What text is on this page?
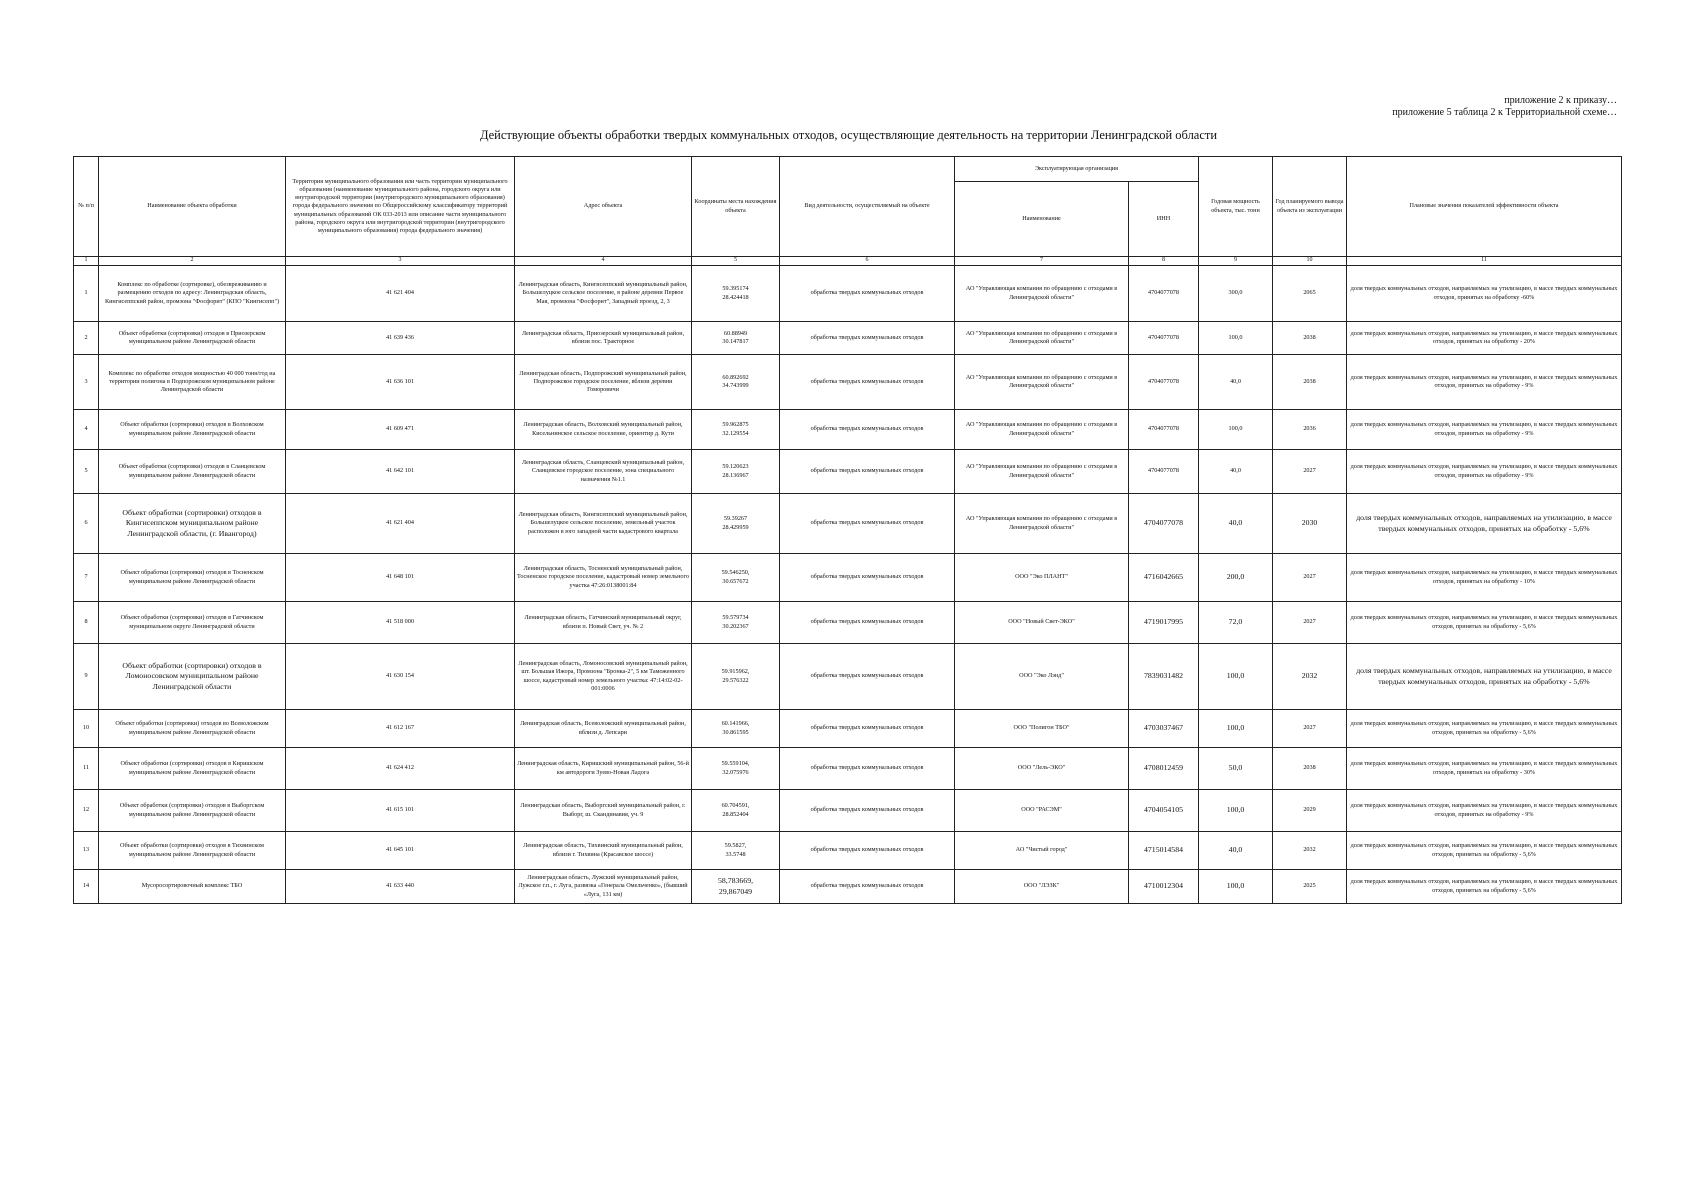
приложение 2 к приказу…
приложение 5 таблица 2 к Территориальной схеме…
Действующие объекты обработки твердых коммунальных отходов, осуществляющие деятельность на территории Ленинградской области
№ п/п	Наименование объекта обработки	Территория муниципального образования или часть территории муниципального образования (наименование муниципального района, городского округа или внутригородской территории (внутригородского муниципального образования) города федерального значения по Общероссийскому классификатору территорий муниципальных образований ОК 033-2013 или описание части муниципального района, городского округа или внутригородской территории (внутригородского муниципального образования) города федерального значения)	Адрес объекта	Координаты места нахождения объекта	Вид деятельности, осуществляемый на объекте	Эксплуатирующая организация		Годовая мощность объекта, тыс. тонн	Год планируемого вывода объекта из эксплуатации	Плановые значения показателей эффективности объекта
						Наименование	ИНН			
1	2	3	4	5	6	7	8	9	10	11
1	Комплекс по обработке (сортировке), обезвреживанию и размещению отходов по адресу: Ленинградская область, Кингисеппский район, промзона "Фосфорит" (КПО "Кингисепп")	41 621 404	Ленинградская область, Кингисеппский муниципальный район, Большелуцкое сельское поселение, в районе деревни Первое Мая, промзона "Фосфорит", Западный проезд, 2, 3	59.395174
28.424418	обработка твердых коммунальных отходов	АО "Управляющая компания по обращению с отходами в Ленинградской области"	4704077078	300,0	2065	доля твердых коммунальных отходов, направляемых на утилизацию, в массе твердых коммунальных отходов, принятых на обработку -60%
2	Объект обработки (сортировки) отходов в Приозерском муниципальном районе Ленинградской области	41 639 436	Ленинградская область, Приозерский муниципальный район, вблизи пос. Тракторное	60.88949
30.147817	обработка твердых коммунальных отходов	АО "Управляющая компания по обращению с отходами в Ленинградской области"	4704077078	100,0	2038	доля твердых коммунальных отходов, направляемых на утилизацию, в массе твердых коммунальных отходов, принятых на обработку - 20%
3	Комплекс по обработке отходов мощностью 40 000 тонн/год на территории полигона в Подпорожском муниципальном районе Ленинградской области	41 636 101	Ленинградская область, Подпорожский муниципальный район, Подпорожское городское поселение, вблизи деревни Гоморовичи	60.892692
34.743999	обработка твердых коммунальных отходов	АО "Управляющая компания по обращению с отходами в Ленинградской области"	4704077078	40,0	2038	доля твердых коммунальных отходов, направляемых на утилизацию, в массе твердых коммунальных отходов, принятых на обработку - 9%
4	Объект обработки (сортировки) отходов в Волховском муниципальном районе Ленинградской области	41 609 471	Ленинградская область, Волховский муниципальный район, Кисельнинское сельское поселение, ориентир д. Кути	59.962875
32.129554	обработка твердых коммунальных отходов	АО "Управляющая компания по обращению с отходами в Ленинградской области"	4704077078	100,0	2036	доля твердых коммунальных отходов, направляемых на утилизацию, в массе твердых коммунальных отходов, принятых на обработку - 9%
5	Объект обработки (сортировки) отходов в Сланцевском муниципальном районе Ленинградской области	41 642 101	Ленинградская область, Сланцевский муниципальный район, Сланцевское городское поселение, зона специального назначения №1.1	59.120623
28.136967	обработка твердых коммунальных отходов	АО "Управляющая компания по обращению с отходами в Ленинградской области"	4704077078	40,0	2027	доля твердых коммунальных отходов, направляемых на утилизацию, в массе твердых коммунальных отходов, принятых на обработку - 9%
6	Объект обработки (сортировки) отходов в Кингисеппском муниципальном районе Ленинградской области, (г. Ивангород)	41 621 404	Ленинградская область, Кингисеппский муниципальный район, Большелуцкое сельское поселение, земельный участок расположен в юго западной части кадастрового квартала	59.39267
28.429959	обработка твердых коммунальных отходов	АО "Управляющая компания по обращению с отходами в Ленинградской области"	4704077078	40,0	2030	доля твердых коммунальных отходов, направляемых на утилизацию, в массе твердых коммунальных отходов, принятых на обработку - 5,6%
7	Объект обработки (сортировки) отходов в Тосненском муниципальном районе Ленинградской области	41 648 101	Ленинградская область, Тосненский муниципальный район, Тосненское городское поселение, кадастровый номер земельного участка 47:26:0138001:84	59.546250,
30.657672	обработка твердых коммунальных отходов	ООО "Эко ПЛАНТ"	4716042665	200,0	2027	доля твердых коммунальных отходов, направляемых на утилизацию, в массе твердых коммунальных отходов, принятых на обработку - 10%
8	Объект обработки (сортировки) отходов в Гатчинском муниципальном округе Ленинградской области	41 518 000	Ленинградская область, Гатчинский муниципальный округ, вблизи п. Новый Свет, уч. № 2	59.579734
30.202367	обработка твердых коммунальных отходов	ООО "Новый Свет-ЭКО"	4719017995	72,0	2027	доля твердых коммунальных отходов, направляемых на утилизацию, в массе твердых коммунальных отходов, принятых на обработку - 5,6%
9	Объект обработки (сортировки) отходов в Ломоносовском муниципальном районе Ленинградской области	41 630 154	Ленинградская область, Ломоносовский муниципальный район, шт. Большая Ижора, Промзона "Бронка-2", 5 км Таможенного шоссе, кадастровый номер земельного участка: 47:14:02-02-001:0006	59.915962,
29.576322	обработка твердых коммунальных отходов	ООО "Эко Лэнд"	7839031482	100,0	2032	доля твердых коммунальных отходов, направляемых на утилизацию, в массе твердых коммунальных отходов, принятых на обработку - 5,6%
10	Объект обработки (сортировки) отходов во Всеволожском муниципальном районе Ленинградской области	41 612 167	Ленинградская область, Всеволожский муниципальный район, вблизи д. Лепсари	60.141966,
30.861595	обработка твердых коммунальных отходов	ООО "Полигон ТБО"	4703037467	100,0	2027	доля твердых коммунальных отходов, направляемых на утилизацию, в массе твердых коммунальных отходов, принятых на обработку - 5,6%
11	Объект обработки (сортировки) отходов в Киришском муниципальном районе Ленинградской области	41 624 412	Ленинградская область, Киришский муниципальный район, 56-й км автодороги Зуево-Новая Ладога	59.559104,
32.075976	обработка твердых коммунальных отходов	ООО "Лель-ЭКО"	4708012459	50,0	2038	доля твердых коммунальных отходов, направляемых на утилизацию, в массе твердых коммунальных отходов, принятых на обработку - 30%
12	Объект обработки (сортировки) отходов в Выборгском муниципальном районе Ленинградской области	41 615 101	Ленинградская область, Выборгский муниципальный район, г. Выборг, ш. Скандинавия, уч. 9	60.704591,
28.852404	обработка твердых коммунальных отходов	ООО "РАСЭМ"	4704054105	100,0	2029	доля твердых коммунальных отходов, направляемых на утилизацию, в массе твердых коммунальных отходов, принятых на обработку - 9%
13	Объект обработки (сортировки) отходов в Тихвинском муниципальном районе Ленинградской области	41 645 101	Ленинградская область, Тихвинский муниципальный район, вблизи г. Тихвина (Красавское шоссе)	59.5827,
33.5748	обработка твердых коммунальных отходов	АО "Чистый город"	4715014584	40,0	2032	доля твердых коммунальных отходов, направляемых на утилизацию, в массе твердых коммунальных отходов, принятых на обработку - 5,6%
14	Мусоросортировочный комплекс ТБО	41 633 440	Ленинградская область, Лужский муниципальный район, Лужское г.п., г. Луга, развязка «Генерала Омельченко», (бывший «Луга, 131 км)	58,783669,
29,867049	обработка твердых коммунальных отходов	ООО "ЛЭЗК"	4710012304	100,0	2025	доля твердых коммунальных отходов, направляемых на утилизацию, в массе твердых коммунальных отходов, принятых на обработку - 5,6%
